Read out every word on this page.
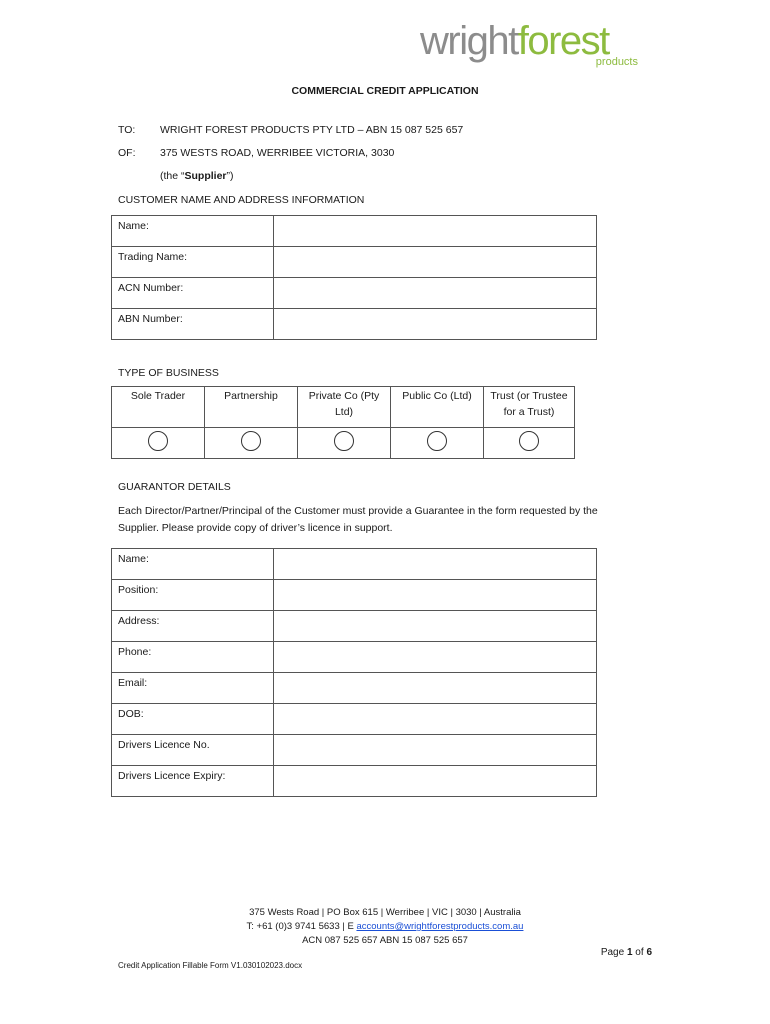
wrightforest
products
COMMERCIAL CREDIT APPLICATION
TO: WRIGHT FOREST PRODUCTS PTY LTD – ABN 15 087 525 657
OF: 375 WESTS ROAD, WERRIBEE VICTORIA, 3030
(the “Supplier”)
CUSTOMER NAME AND ADDRESS INFORMATION
Name:	
Trading Name:	
ACN Number:	
ABN Number:	
TYPE OF BUSINESS
Sole Trader	Partnership	Private Co (Pty Ltd)	Public Co (Ltd)	Trust (or Trustee for a Trust)

GUARANTOR DETAILS
Each Director/Partner/Principal of the Customer must provide a Guarantee in the form requested by the Supplier. Please provide copy of driver’s licence in support.
Name:	
Position:	
Address:	
Phone:	
Email:	
DOB:	
Drivers Licence No.	
Drivers Licence Expiry:	
375 Wests Road | PO Box 615 | Werribee | VIC | 3030 | Australia
T: +61 (0)3 9741 5633 | E accounts@wrightforestproducts.com.au
ACN 087 525 657 ABN 15 087 525 657
Page 1 of 6
Credit Application Fillable Form V1.030102023.docx
